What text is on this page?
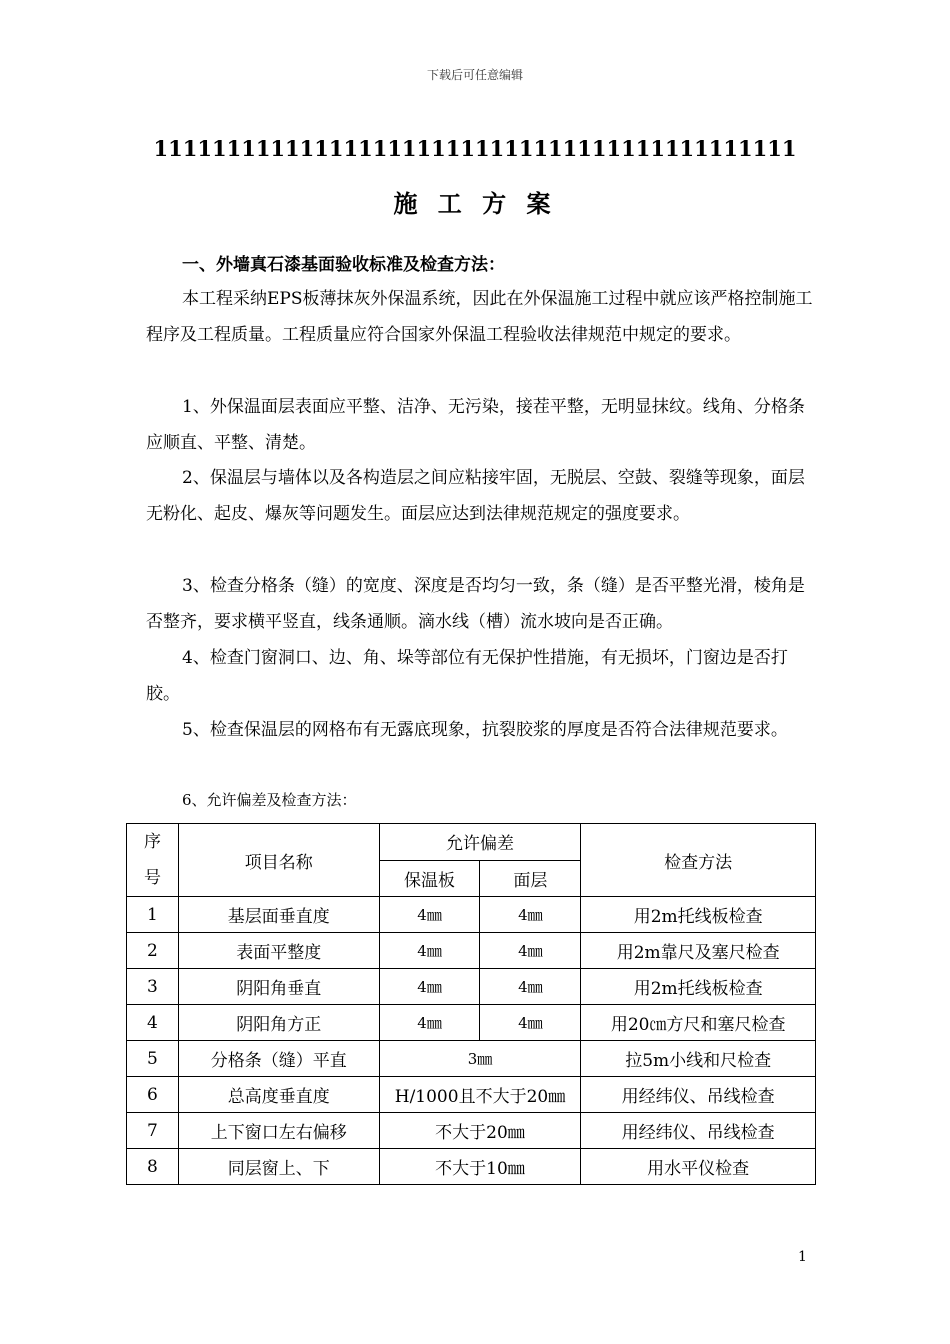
下载后可任意编辑
11111111111111111111111111111111111111111111
施 工 方 案
一、外墙真石漆基面验收标准及检查方法：
本工程采纳EPS板薄抹灰外保温系统，因此在外保温施工过程中就应该严格控制施工程序及工程质量。工程质量应符合国家外保温工程验收法律规范中规定的要求。
1、外保温面层表面应平整、洁净、无污染，接茬平整，无明显抹纹。线角、分格条应顺直、平整、清楚。
2、保温层与墙体以及各构造层之间应粘接牢固，无脱层、空鼓、裂缝等现象，面层无粉化、起皮、爆灰等问题发生。面层应达到法律规范规定的强度要求。
3、检查分格条（缝）的宽度、深度是否均匀一致，条（缝）是否平整光滑，棱角是否整齐，要求横平竖直，线条通顺。滴水线（槽）流水坡向是否正确。
4、检查门窗洞口、边、角、垛等部位有无保护性措施，有无损坏，门窗边是否打胶。
5、检查保温层的网格布有无露底现象，抗裂胶浆的厚度是否符合法律规范要求。
6、允许偏差及检查方法：
序
号	项目名称	允许偏差		检查方法
		保温板	面层	
1	基层面垂直度	4㎜	4㎜	用2m托线板检查
2	表面平整度	4㎜	4㎜	用2m靠尺及塞尺检查
3	阴阳角垂直	4㎜	4㎜	用2m托线板检查
4	阴阳角方正	4㎜	4㎜	用20㎝方尺和塞尺检查
5	分格条（缝）平直	3㎜		拉5m小线和尺检查
6	总高度垂直度	H/1000且不大于20㎜		用经纬仪、吊线检查
7	上下窗口左右偏移	不大于20㎜		用经纬仪、吊线检查
8	同层窗上、下	不大于10㎜		用水平仪检查
1
